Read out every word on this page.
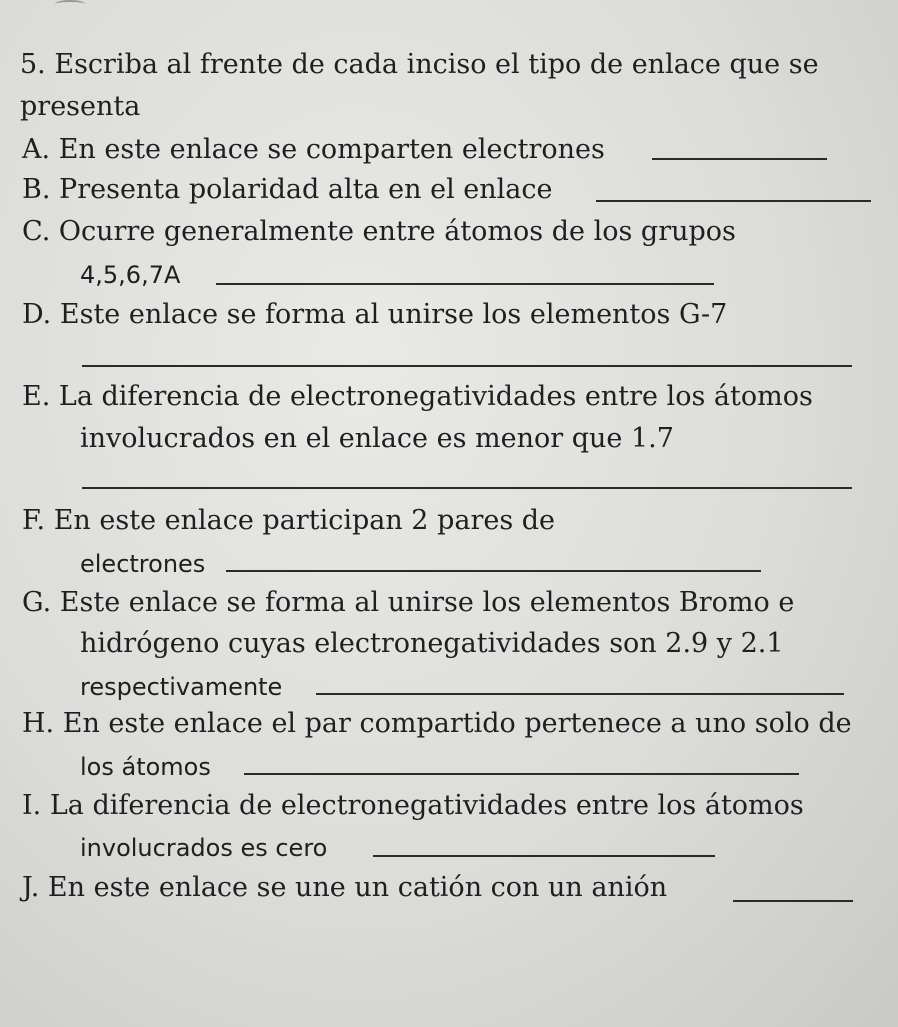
5. Escriba al frente de cada inciso el tipo de enlace que se
presenta
A. En este enlace se comparten electrones
B. Presenta polaridad alta en el enlace
C. Ocurre generalmente entre átomos de los grupos
4,5,6,7A
D. Este enlace se forma al unirse los elementos G-7
E. La diferencia de electronegatividades entre los átomos
involucrados en el enlace es menor que 1.7
F. En este enlace participan 2 pares de
electrones
G. Este enlace se forma al unirse los elementos Bromo e
hidrógeno cuyas electronegatividades son 2.9 y 2.1
respectivamente
H. En este enlace el par compartido pertenece a uno solo de
los átomos
I. La diferencia de electronegatividades entre los átomos
involucrados es cero
J. En este enlace se une un catión con un anión
